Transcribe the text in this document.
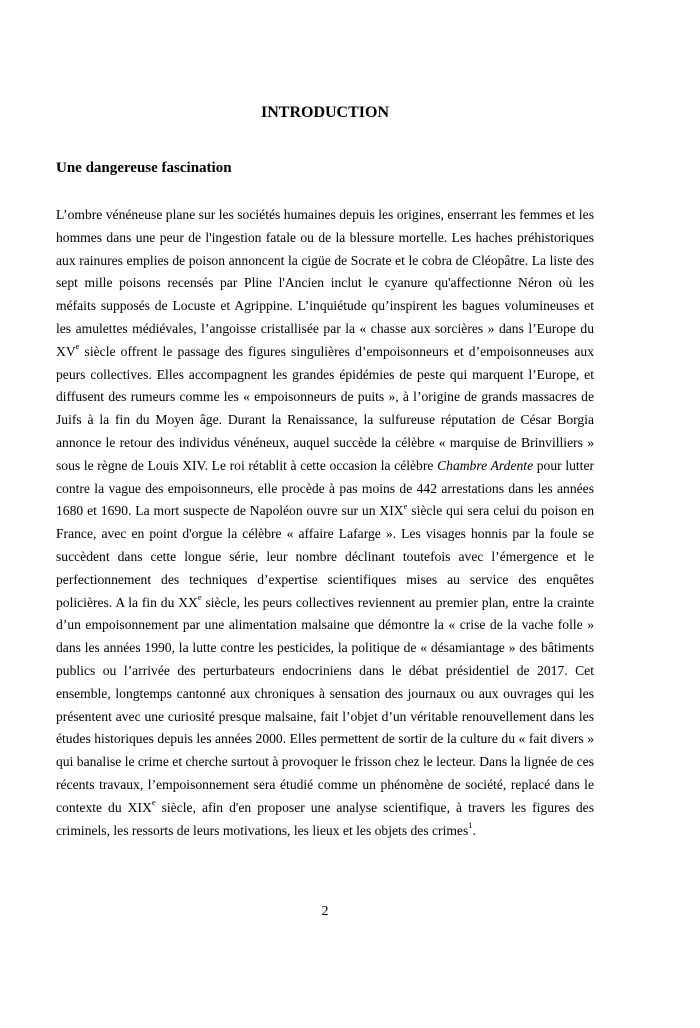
INTRODUCTION
Une dangereuse fascination

L’ombre vénéneuse plane sur les sociétés humaines depuis les origines, enserrant les femmes et les hommes dans une peur de l'ingestion fatale ou de la blessure mortelle. Les haches préhistoriques aux rainures emplies de poison annoncent la cigüe de Socrate et le cobra de Cléopâtre. La liste des sept mille poisons recensés par Pline l'Ancien inclut le cyanure qu'affectionne Néron où les méfaits supposés de Locuste et Agrippine. L’inquiétude qu’inspirent les bagues volumineuses et les amulettes médiévales, l’angoisse cristallisée par la « chasse aux sorcières » dans l’Europe du XVe siècle offrent le passage des figures singulières d’empoisonneurs et d’empoisonneuses aux peurs collectives. Elles accompagnent les grandes épidémies de peste qui marquent l’Europe, et diffusent des rumeurs comme les « empoisonneurs de puits », à l’origine de grands massacres de Juifs à la fin du Moyen âge. Durant la Renaissance, la sulfureuse réputation de César Borgia annonce le retour des individus vénéneux, auquel succède la célèbre « marquise de Brinvilliers » sous le règne de Louis XIV. Le roi rétablit à cette occasion la célèbre Chambre Ardente pour lutter contre la vague des empoisonneurs, elle procède à pas moins de 442 arrestations dans les années 1680 et 1690. La mort suspecte de Napoléon ouvre sur un XIXe siècle qui sera celui du poison en France, avec en point d'orgue la célèbre « affaire Lafarge ». Les visages honnis par la foule se succèdent dans cette longue série, leur nombre déclinant toutefois avec l’émergence et le perfectionnement des techniques d’expertise scientifiques mises au service des enquêtes policières. A la fin du XXe siècle, les peurs collectives reviennent au premier plan, entre la crainte d’un empoisonnement par une alimentation malsaine que démontre la « crise de la vache folle » dans les années 1990, la lutte contre les pesticides, la politique de « désamiantage » des bâtiments publics ou l’arrivée des perturbateurs endocriniens dans le débat présidentiel de 2017. Cet ensemble, longtemps cantonné aux chroniques à sensation des journaux ou aux ouvrages qui les présentent avec une curiosité presque malsaine, fait l’objet d’un véritable renouvellement dans les études historiques depuis les années 2000. Elles permettent de sortir de la culture du « fait divers » qui banalise le crime et cherche surtout à provoquer le frisson chez le lecteur. Dans la lignée de ces récents travaux, l’empoisonnement sera étudié comme un phénomène de société, replacé dans le contexte du XIXe siècle, afin d'en proposer une analyse scientifique, à travers les figures des criminels, les ressorts de leurs motivations, les lieux et les objets des crimes$^1$.

2
